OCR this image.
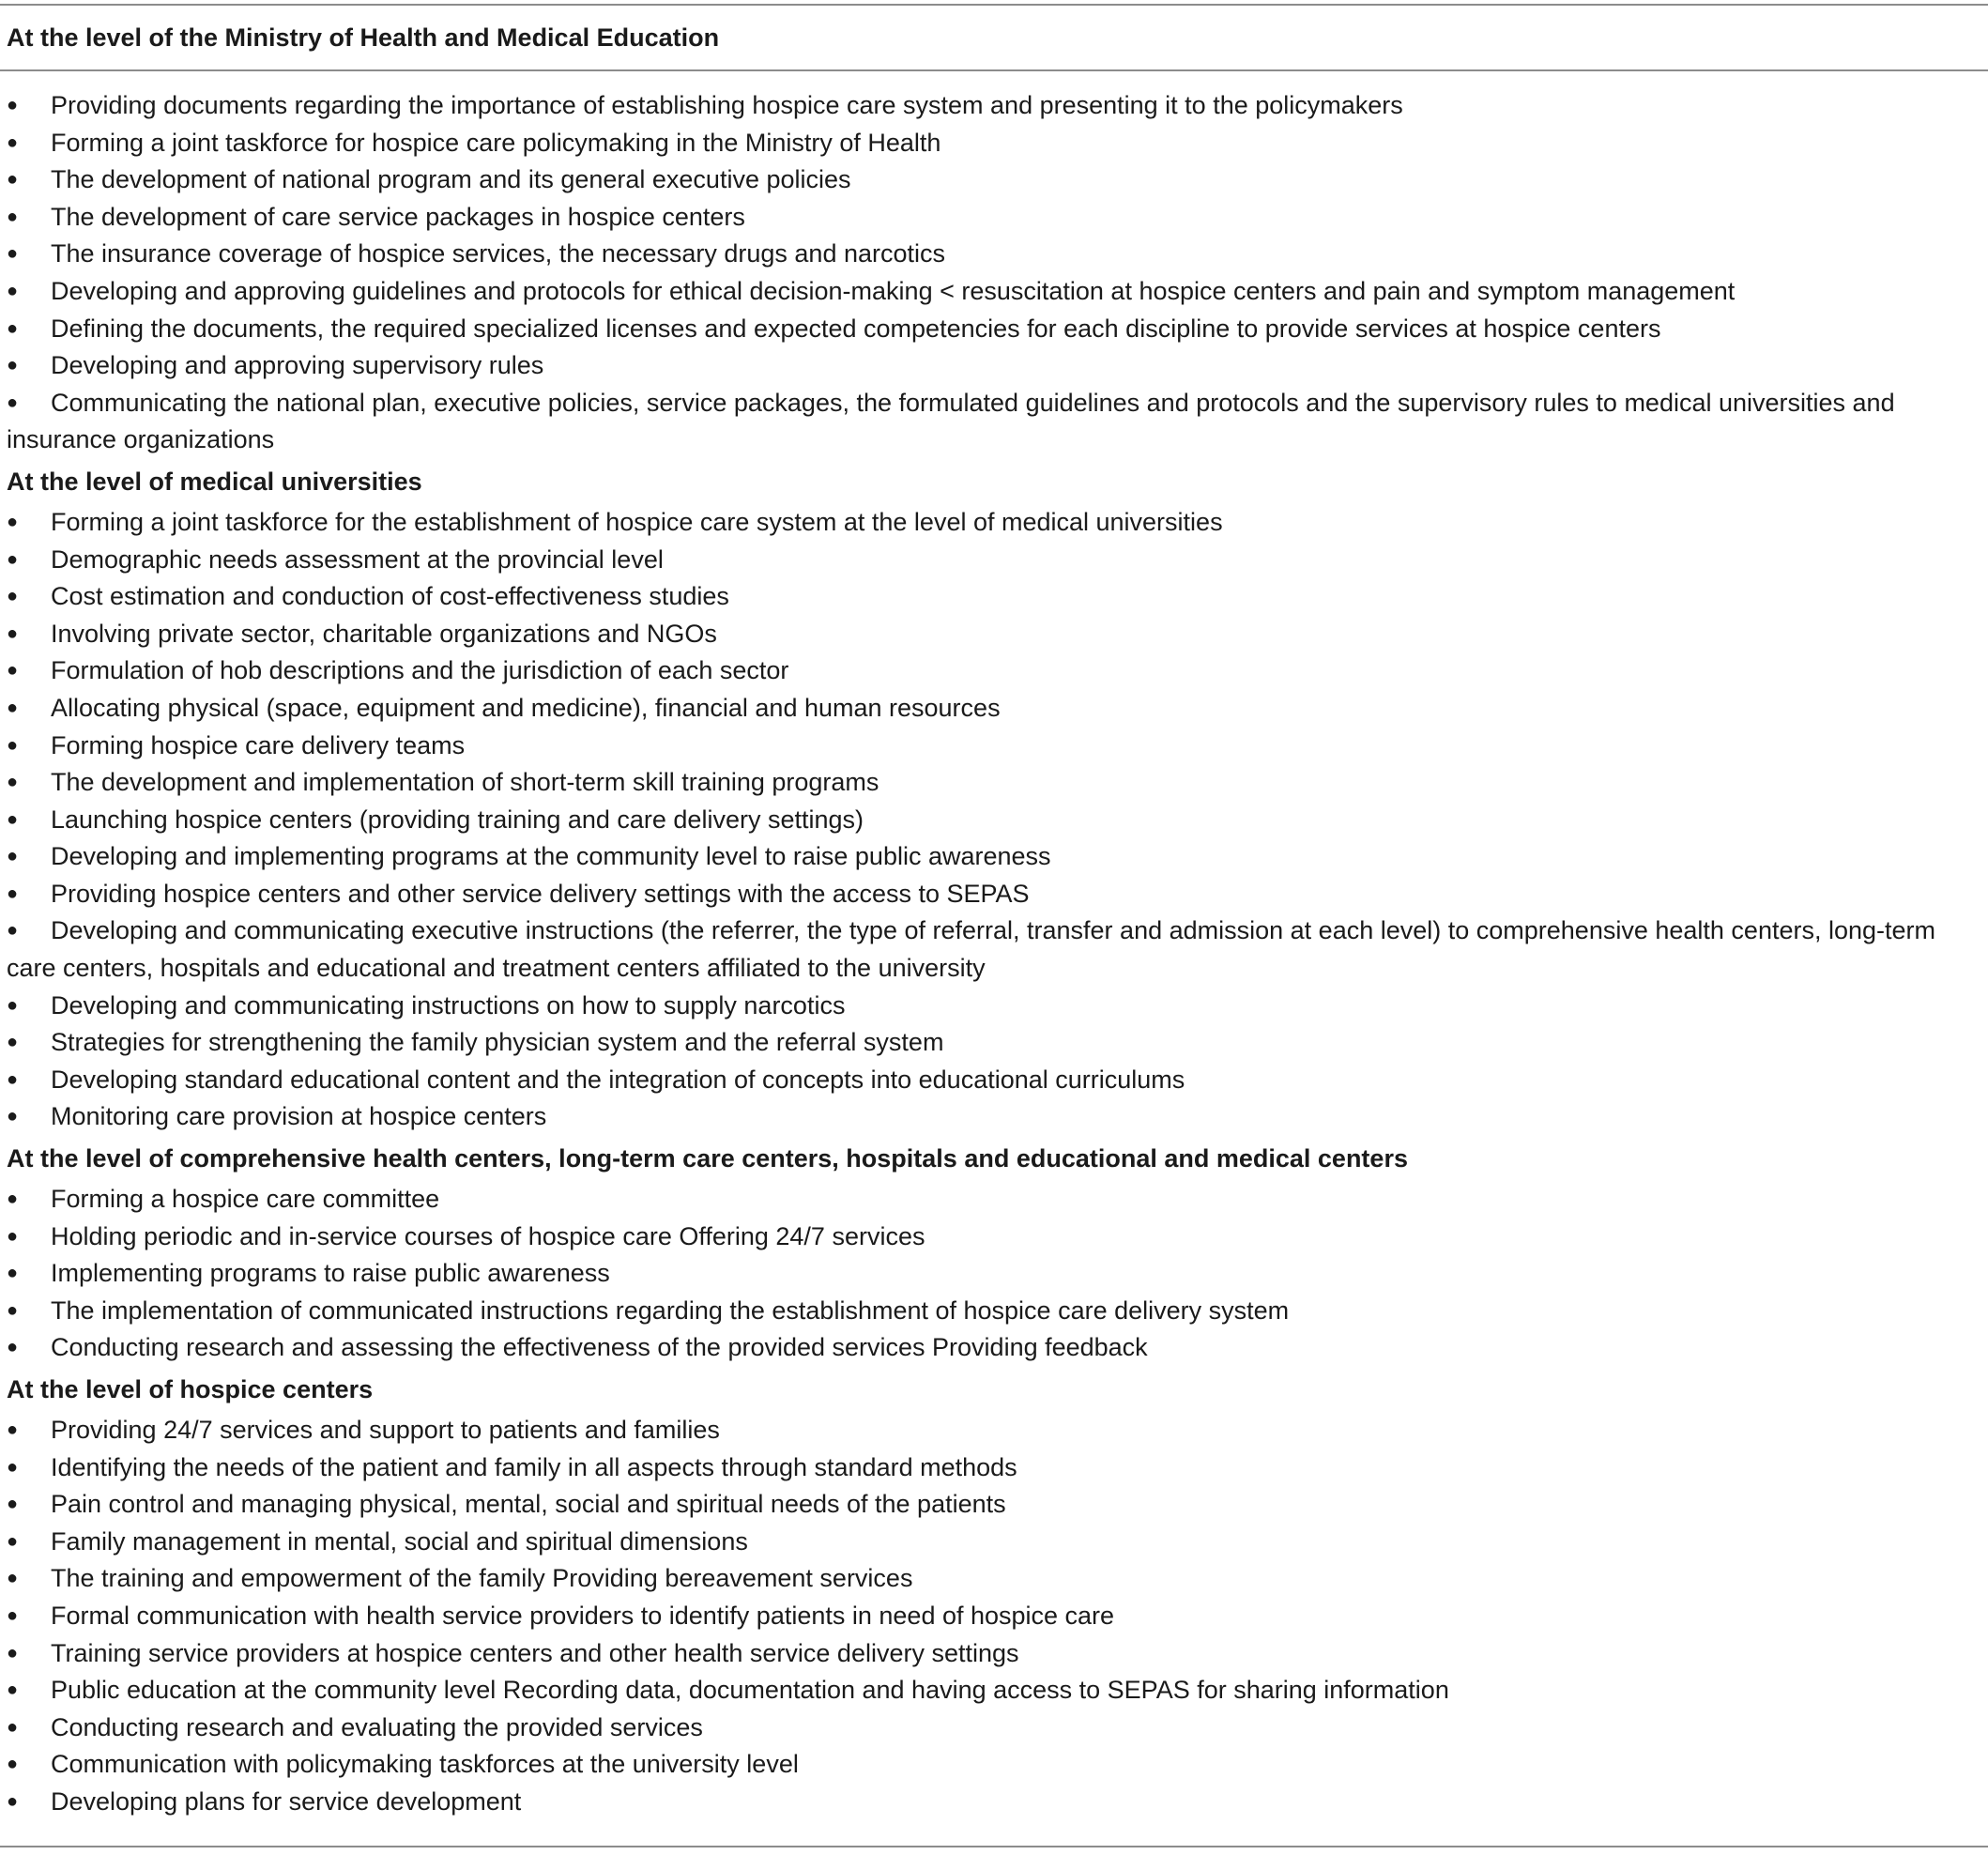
At the level of the Ministry of Health and Medical Education
● Providing documents regarding the importance of establishing hospice care system and presenting it to the policymakers
● Forming a joint taskforce for hospice care policymaking in the Ministry of Health
● The development of national program and its general executive policies
● The development of care service packages in hospice centers
● The insurance coverage of hospice services, the necessary drugs and narcotics
● Developing and approving guidelines and protocols for ethical decision-making < resuscitation at hospice centers and pain and symptom management
● Defining the documents, the required specialized licenses and expected competencies for each discipline to provide services at hospice centers
● Developing and approving supervisory rules
● Communicating the national plan, executive policies, service packages, the formulated guidelines and protocols and the supervisory rules to medical universities and insurance organizations
At the level of medical universities
● Forming a joint taskforce for the establishment of hospice care system at the level of medical universities
● Demographic needs assessment at the provincial level
● Cost estimation and conduction of cost-effectiveness studies
● Involving private sector, charitable organizations and NGOs
● Formulation of hob descriptions and the jurisdiction of each sector
● Allocating physical (space, equipment and medicine), financial and human resources
● Forming hospice care delivery teams
● The development and implementation of short-term skill training programs
● Launching hospice centers (providing training and care delivery settings)
● Developing and implementing programs at the community level to raise public awareness
● Providing hospice centers and other service delivery settings with the access to SEPAS
● Developing and communicating executive instructions (the referrer, the type of referral, transfer and admission at each level) to comprehensive health centers, long-term care centers, hospitals and educational and treatment centers affiliated to the university
● Developing and communicating instructions on how to supply narcotics
● Strategies for strengthening the family physician system and the referral system
● Developing standard educational content and the integration of concepts into educational curriculums
● Monitoring care provision at hospice centers
At the level of comprehensive health centers, long-term care centers, hospitals and educational and medical centers
● Forming a hospice care committee
● Holding periodic and in-service courses of hospice care Offering 24/7 services
● Implementing programs to raise public awareness
● The implementation of communicated instructions regarding the establishment of hospice care delivery system
● Conducting research and assessing the effectiveness of the provided services Providing feedback
At the level of hospice centers
● Providing 24/7 services and support to patients and families
● Identifying the needs of the patient and family in all aspects through standard methods
● Pain control and managing physical, mental, social and spiritual needs of the patients
● Family management in mental, social and spiritual dimensions
● The training and empowerment of the family Providing bereavement services
● Formal communication with health service providers to identify patients in need of hospice care
● Training service providers at hospice centers and other health service delivery settings
● Public education at the community level Recording data, documentation and having access to SEPAS for sharing information
● Conducting research and evaluating the provided services
● Communication with policymaking taskforces at the university level
● Developing plans for service development
